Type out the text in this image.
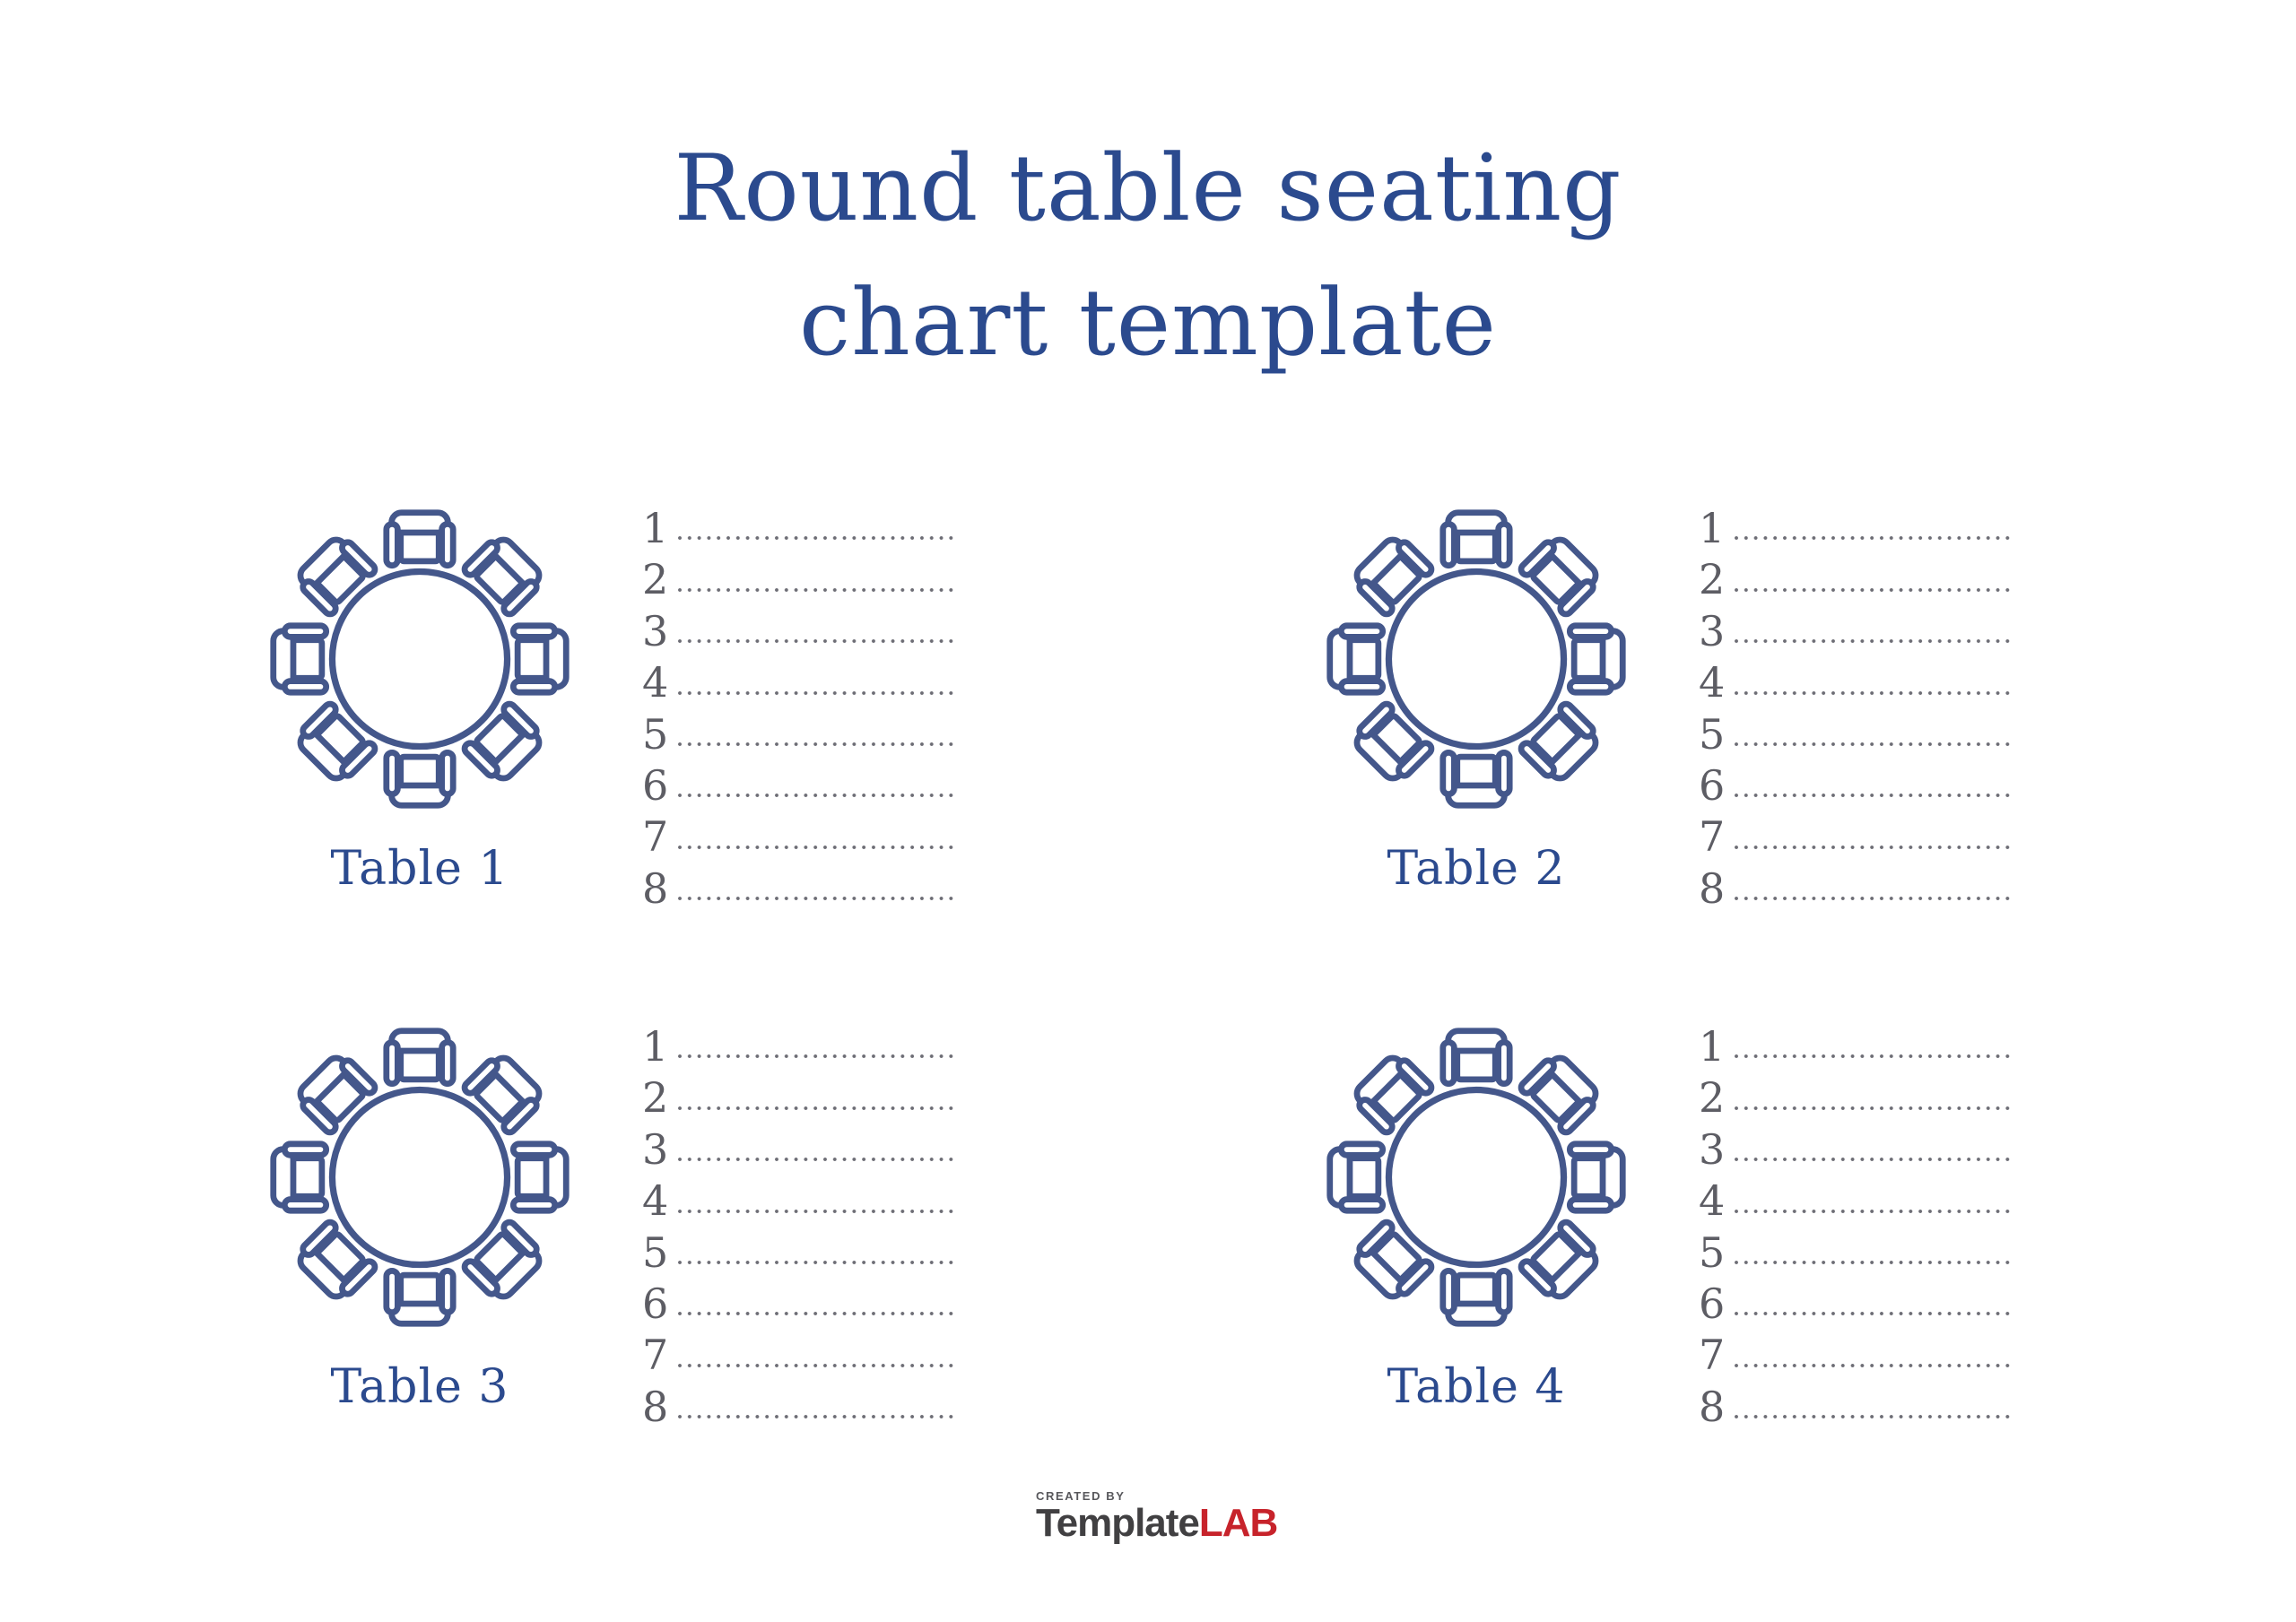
Round table seating
chart template
Table 1
1
2
3
4
5
6
7
8	Table 2
1
2
3
4
5
6
7
8
Table 3
1
2
3
4
5
6
7
8	Table 4
1
2
3
4
5
6
7
8
CREATED BY
TemplateLAB
